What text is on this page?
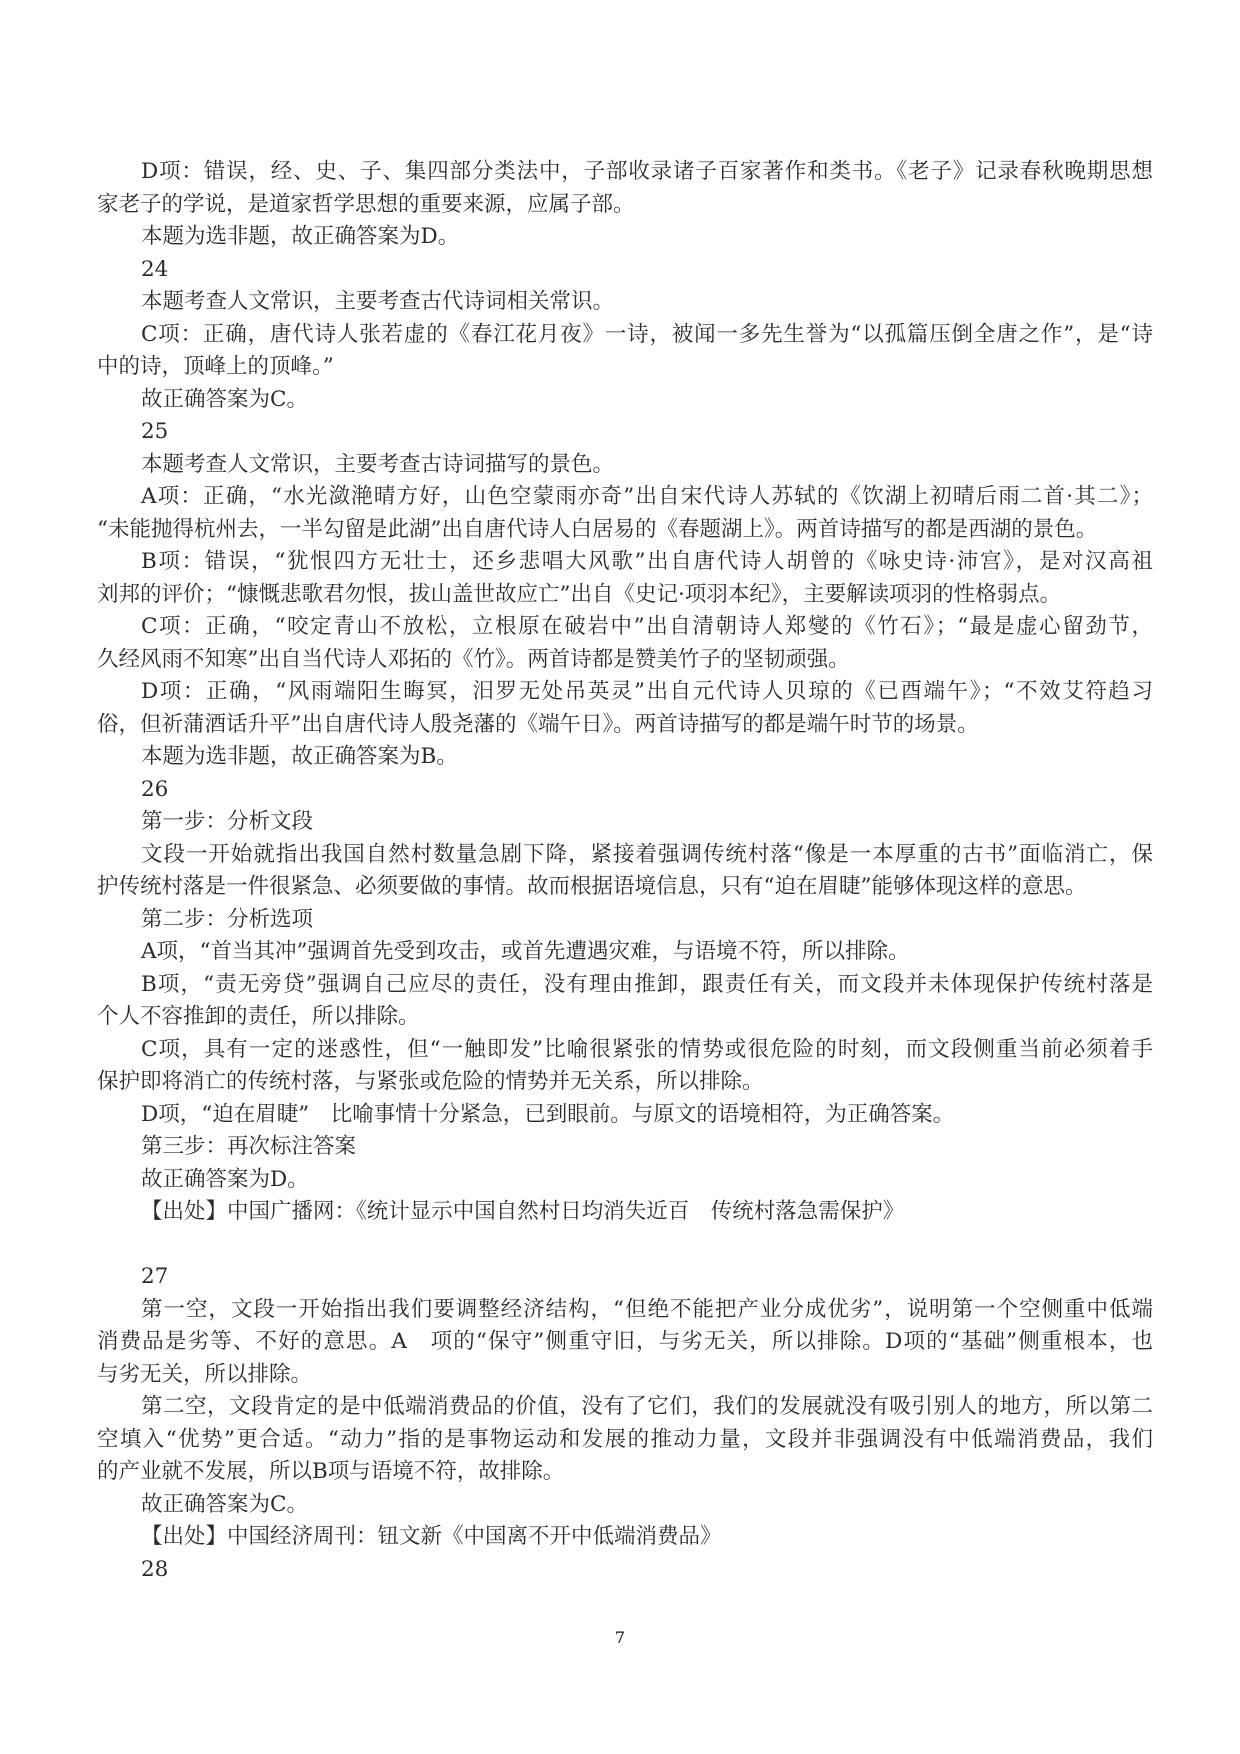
D项：错误，经、史、子、集四部分类法中，子部收录诸子百家著作和类书。《老子》记录春秋晚期思想
家老子的学说，是道家哲学思想的重要来源，应属子部。
本题为选非题，故正确答案为D。
24
本题考查人文常识，主要考查古代诗词相关常识。
C项：正确，唐代诗人张若虚的《春江花月夜》一诗，被闻一多先生誉为“以孤篇压倒全唐之作”，是“诗
中的诗，顶峰上的顶峰。”
故正确答案为C。
25
本题考查人文常识，主要考查古诗词描写的景色。
A项：正确，“水光潋滟晴方好，山色空蒙雨亦奇”出自宋代诗人苏轼的《饮湖上初晴后雨二首·其二》；
“未能抛得杭州去，一半勾留是此湖”出自唐代诗人白居易的《春题湖上》。两首诗描写的都是西湖的景色。
B项：错误，“犹恨四方无壮士，还乡悲唱大风歌”出自唐代诗人胡曾的《咏史诗·沛宫》，是对汉高祖
刘邦的评价；“慷慨悲歌君勿恨，拔山盖世故应亡”出自《史记·项羽本纪》，主要解读项羽的性格弱点。
C项：正确，“咬定青山不放松，立根原在破岩中”出自清朝诗人郑燮的《竹石》；“最是虚心留劲节，
久经风雨不知寒”出自当代诗人邓拓的《竹》。两首诗都是赞美竹子的坚韧顽强。
D项：正确，“风雨端阳生晦冥，汨罗无处吊英灵”出自元代诗人贝琼的《已酉端午》；“不效艾符趋习
俗，但祈蒲酒话升平”出自唐代诗人殷尧藩的《端午日》。两首诗描写的都是端午时节的场景。
本题为选非题，故正确答案为B。
26
第一步：分析文段
文段一开始就指出我国自然村数量急剧下降，紧接着强调传统村落“像是一本厚重的古书”面临消亡，保
护传统村落是一件很紧急、必须要做的事情。故而根据语境信息，只有“迫在眉睫”能够体现这样的意思。
第二步：分析选项
A项，“首当其冲”强调首先受到攻击，或首先遭遇灾难，与语境不符，所以排除。
B项，“责无旁贷”强调自己应尽的责任，没有理由推卸，跟责任有关，而文段并未体现保护传统村落是
个人不容推卸的责任，所以排除。
C项，具有一定的迷惑性，但“一触即发”比喻很紧张的情势或很危险的时刻，而文段侧重当前必须着手
保护即将消亡的传统村落，与紧张或危险的情势并无关系，所以排除。
D项，“迫在眉睫”　比喻事情十分紧急，已到眼前。与原文的语境相符，为正确答案。
第三步：再次标注答案
故正确答案为D。
【出处】中国广播网：《统计显示中国自然村日均消失近百　传统村落急需保护》
27
第一空，文段一开始指出我们要调整经济结构，“但绝不能把产业分成优劣”，说明第一个空侧重中低端
消费品是劣等、不好的意思。A　项的“保守”侧重守旧，与劣无关，所以排除。D项的“基础”侧重根本，也
与劣无关，所以排除。
第二空，文段肯定的是中低端消费品的价值，没有了它们，我们的发展就没有吸引别人的地方，所以第二
空填入“优势”更合适。“动力”指的是事物运动和发展的推动力量，文段并非强调没有中低端消费品，我们
的产业就不发展，所以B项与语境不符，故排除。
故正确答案为C。
【出处】中国经济周刊：钮文新《中国离不开中低端消费品》
28
7
